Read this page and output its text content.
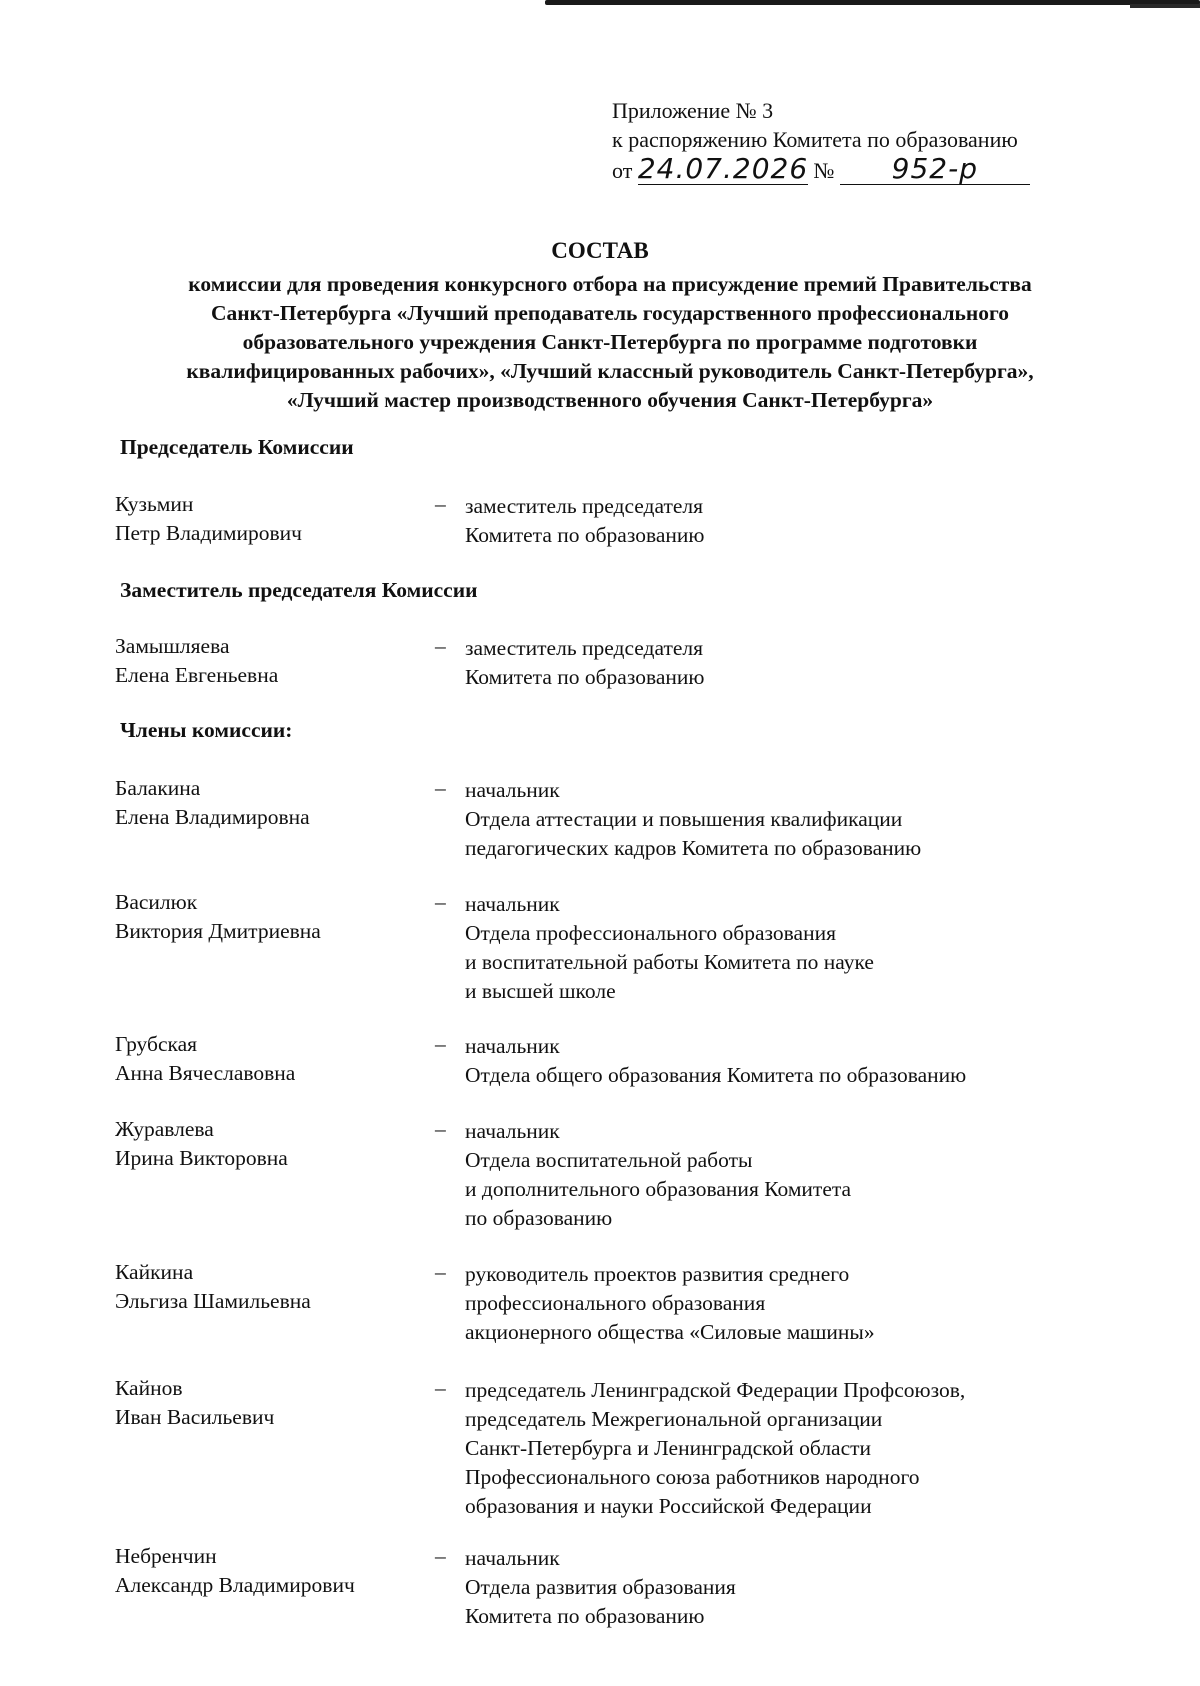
Приложение № 3
к распоряжению Комитета по образованию
от 24.07.2026 № 952-р
СОСТАВ
комиссии для проведения конкурсного отбора на присуждение премий Правительства
Санкт-Петербурга «Лучший преподаватель государственного профессионального
образовательного учреждения Санкт-Петербурга по программе подготовки
квалифицированных рабочих», «Лучший классный руководитель Санкт-Петербурга»,
«Лучший мастер производственного обучения Санкт-Петербурга»
Председатель Комиссии
Кузьмин
Петр Владимирович
– заместитель председателя
Комитета по образованию
Заместитель председателя Комиссии
Замышляева
Елена Евгеньевна
– заместитель председателя
Комитета по образованию
Члены комиссии:
Балакина
Елена Владимировна
– начальник
Отдела аттестации и повышения квалификации
педагогических кадров Комитета по образованию
Василюк
Виктория Дмитриевна
– начальник
Отдела профессионального образования
и воспитательной работы Комитета по науке
и высшей школе
Грубская
Анна Вячеславовна
– начальник
Отдела общего образования Комитета по образованию
Журавлева
Ирина Викторовна
– начальник
Отдела воспитательной работы
и дополнительного образования Комитета
по образованию
Кайкина
Эльгиза Шамильевна
– руководитель проектов развития среднего
профессионального образования
акционерного общества «Силовые машины»
Кайнов
Иван Васильевич
– председатель Ленинградской Федерации Профсоюзов,
председатель Межрегиональной организации
Санкт-Петербурга и Ленинградской области
Профессионального союза работников народного
образования и науки Российской Федерации
Небренчин
Александр Владимирович
– начальник
Отдела развития образования
Комитета по образованию
